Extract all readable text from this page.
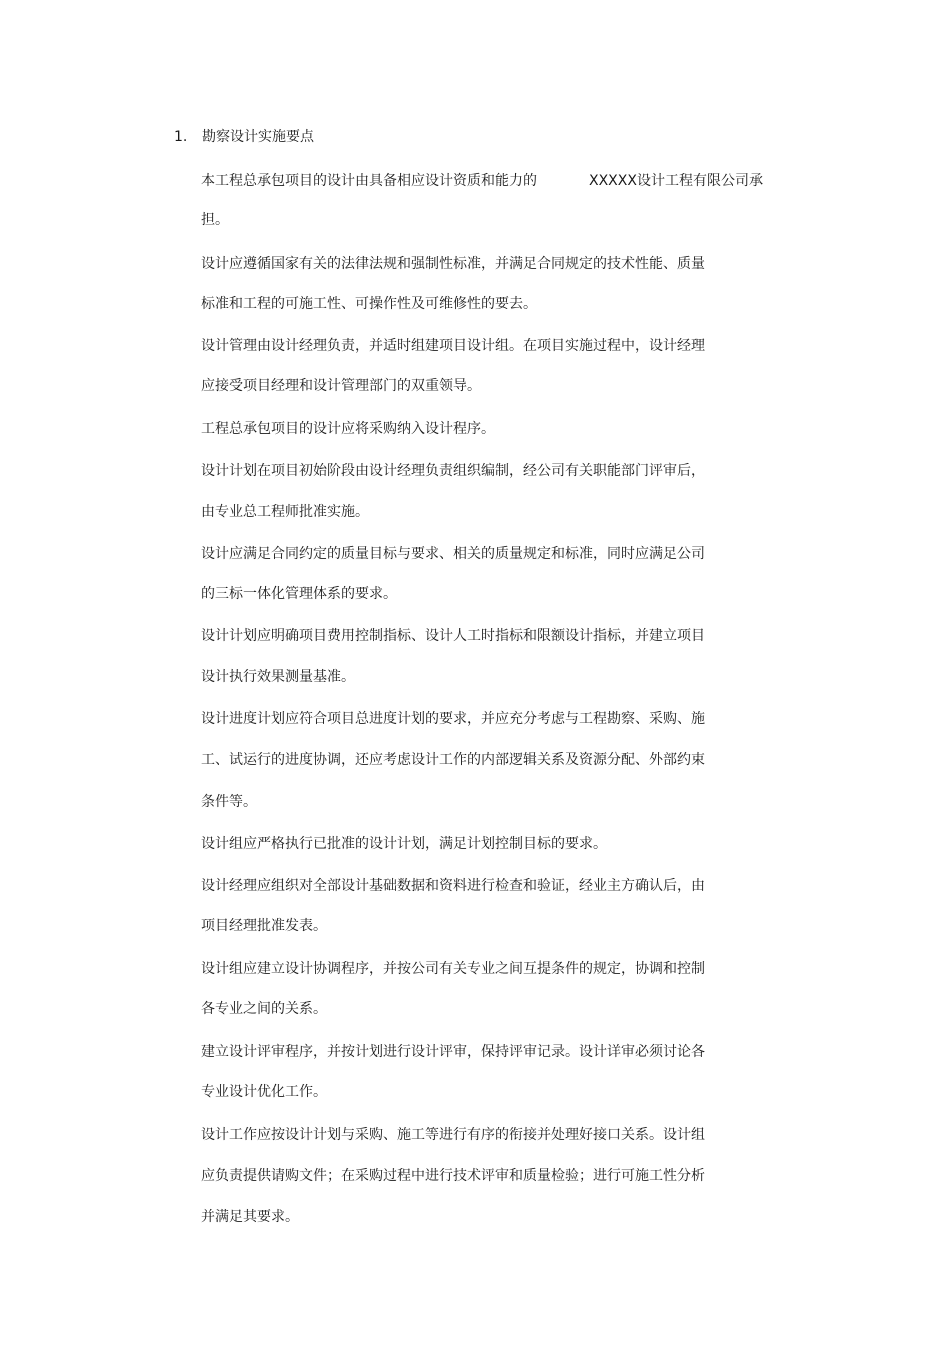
1. 勘察设计实施要点
本工程总承包项目的设计由具备相应设计资质和能力的	XXXXX设计工程有限公司承
担。
设计应遵循国家有关的法律法规和强制性标准，并满足合同规定的技术性能、质量
标准和工程的可施工性、可操作性及可维修性的要去。
设计管理由设计经理负责，并适时组建项目设计组。在项目实施过程中，设计经理
应接受项目经理和设计管理部门的双重领导。
工程总承包项目的设计应将采购纳入设计程序。
设计计划在项目初始阶段由设计经理负责组织编制，经公司有关职能部门评审后，
由专业总工程师批准实施。
设计应满足合同约定的质量目标与要求、相关的质量规定和标准，同时应满足公司
的三标一体化管理体系的要求。
设计计划应明确项目费用控制指标、设计人工时指标和限额设计指标，并建立项目
设计执行效果测量基准。
设计进度计划应符合项目总进度计划的要求，并应充分考虑与工程勘察、采购、施
工、试运行的进度协调，还应考虑设计工作的内部逻辑关系及资源分配、外部约束
条件等。
设计组应严格执行已批准的设计计划，满足计划控制目标的要求。
设计经理应组织对全部设计基础数据和资料进行检查和验证，经业主方确认后，由
项目经理批准发表。
设计组应建立设计协调程序，并按公司有关专业之间互提条件的规定，协调和控制
各专业之间的关系。
建立设计评审程序，并按计划进行设计评审，保持评审记录。设计详审必须讨论各
专业设计优化工作。
设计工作应按设计计划与采购、施工等进行有序的衔接并处理好接口关系。设计组
应负责提供请购文件；在采购过程中进行技术评审和质量检验；进行可施工性分析
并满足其要求。
